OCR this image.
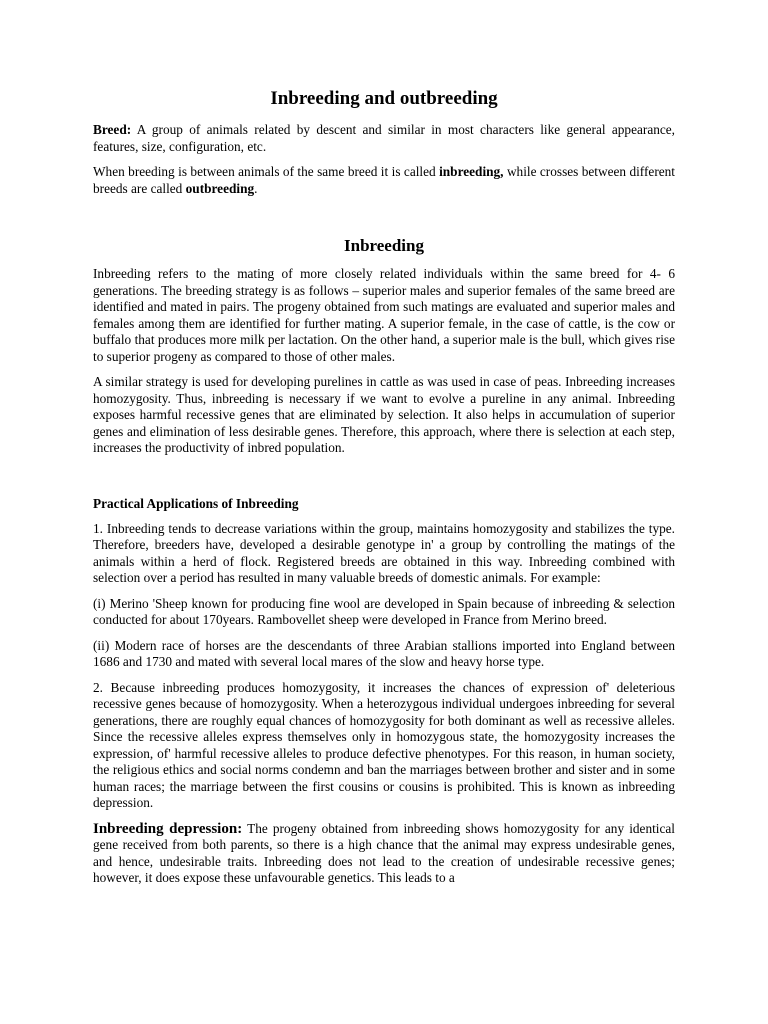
Inbreeding and outbreeding

Breed: A group of animals related by descent and similar in most characters like general appearance, features, size, configuration, etc.

When breeding is between animals of the same breed it is called inbreeding, while crosses between different breeds are called outbreeding.

Inbreeding

Inbreeding refers to the mating of more closely related individuals within the same breed for 4- 6 generations. The breeding strategy is as follows – superior males and superior females of the same breed are identified and mated in pairs. The progeny obtained from such matings are evaluated and superior males and females among them are identified for further mating. A superior female, in the case of cattle, is the cow or buffalo that produces more milk per lactation. On the other hand, a superior male is the bull, which gives rise to superior progeny as compared to those of other males.

A similar strategy is used for developing purelines in cattle as was used in case of peas. Inbreeding increases homozygosity. Thus, inbreeding is necessary if we want to evolve a pureline in any animal. Inbreeding exposes harmful recessive genes that are eliminated by selection. It also helps in accumulation of superior genes and elimination of less desirable genes. Therefore, this approach, where there is selection at each step, increases the productivity of inbred population.

Practical Applications of Inbreeding

1. Inbreeding tends to decrease variations within the group, maintains homozygosity and stabilizes the type. Therefore, breeders have, developed a desirable genotype in' a group by controlling the matings of the animals within a herd of flock. Registered breeds are obtained in this way. Inbreeding combined with selection over a period has resulted in many valuable breeds of domestic animals. For example:

(i) Merino 'Sheep known for producing fine wool are developed in Spain because of inbreeding & selection conducted for about 170years. Rambovellet sheep were developed in France from Merino breed.

(ii) Modern race of horses are the descendants of three Arabian stallions imported into England between 1686 and 1730 and mated with several local mares of the slow and heavy horse type.

2. Because inbreeding produces homozygosity, it increases the chances of expression of' deleterious recessive genes because of homozygosity. When a heterozygous individual undergoes inbreeding for several generations, there are roughly equal chances of homozygosity for both dominant as well as recessive alleles. Since the recessive alleles express themselves only in homozygous state, the homozygosity increases the expression, of' harmful recessive alleles to produce defective phenotypes. For this reason, in human society, the religious ethics and social norms condemn and ban the marriages between brother and sister and in some human races; the marriage between the first cousins or cousins is prohibited. This is known as inbreeding depression.

Inbreeding depression: The progeny obtained from inbreeding shows homozygosity for any identical gene received from both parents, so there is a high chance that the animal may express undesirable genes, and hence, undesirable traits. Inbreeding does not lead to the creation of undesirable recessive genes; however, it does expose these unfavourable genetics. This leads to a
